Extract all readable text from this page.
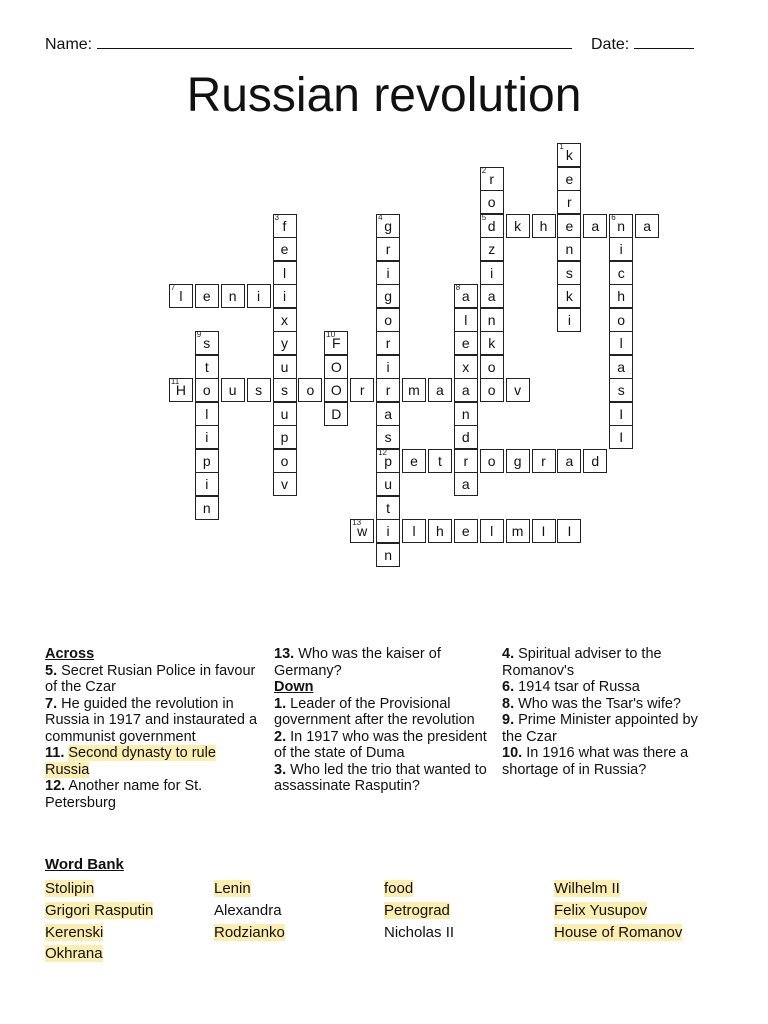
Name:	Date:
Russian revolution
k
1
e
r
e
n
s
k
i
r
2
o
d
5
z
i
a
n
k
o
f
3
e
l
i
x
y
u
s
u
p
o
v
g
4
r
i
g
o
r
i
r
a
s
p
12
u
t
i
n
k	h	a	n
6
a
i
c
h
o
l
a
s
I
I
l
7
e	n	i	a
8
l
e
x
a
n
d
r
a
s
9
t
o
l
i
p
i
n
F
10
O
O
D
H
11
u	s	o	r	m	a	o	v
e	t	o	g	r	a	d
w
13
l	h	e	l	m	I	I
Across
5. Secret Rusian Police in favour of the Czar
7. He guided the revolution in Russia in 1917 and instaurated a communist government
11. Second dynasty to rule Russia
12. Another name for St. Petersburg
13. Who was the kaiser of Germany?
Down
1. Leader of the Provisional government after the revolution
2. In 1917 who was the president of the state of Duma
3. Who led the trio that wanted to assassinate Rasputin?
4. Spiritual adviser to the Romanov's
6. 1914 tsar of Russa
8. Who was the Tsar's wife?
9. Prime Minister appointed by the Czar
10. In 1916 what was there a shortage of in Russia?
Word Bank
Stolipin
Grigori Rasputin
Kerenski
Okhrana
Lenin
Alexandra
Rodzianko
food
Petrograd
Nicholas II
Wilhelm II
Felix Yusupov
House of Romanov
